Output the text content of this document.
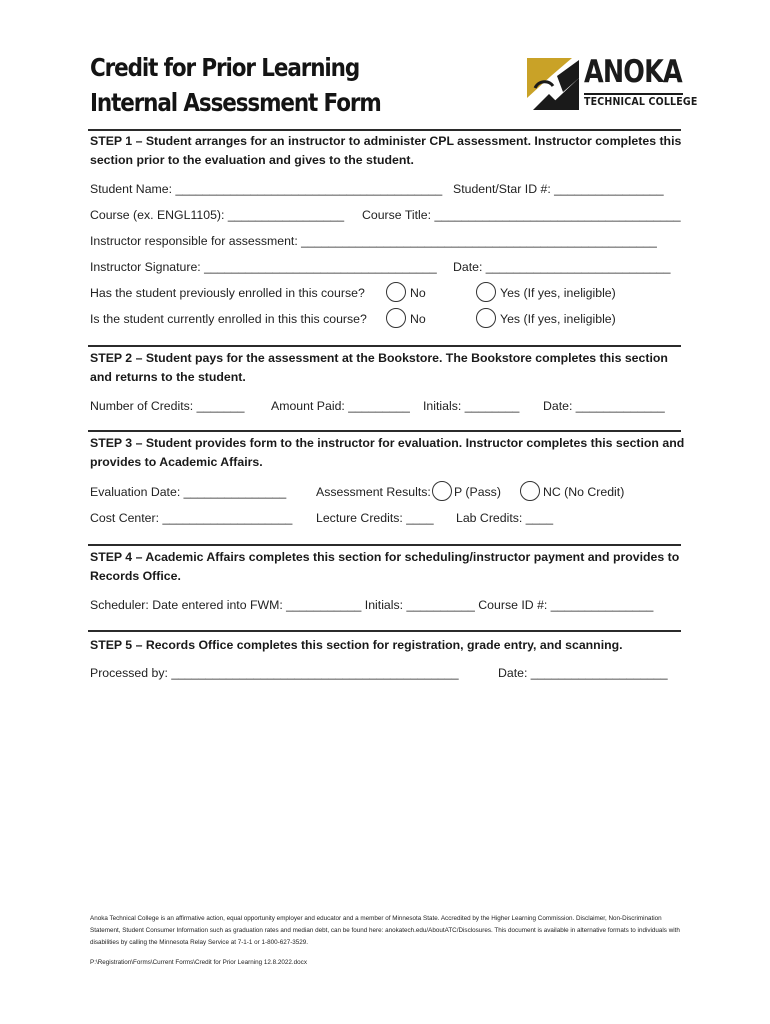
Credit for Prior Learning
Internal Assessment Form
ANOKA
TECHNICAL COLLEGE
STEP 1 – Student arranges for an instructor to administer CPL assessment. Instructor completes this section prior to the evaluation and gives to the student.
Student Name: _______________________________________ Student/Star ID #: ________________
Course (ex. ENGL1105): _________________ Course Title: ____________________________________
Instructor responsible for assessment: ____________________________________________________
Instructor Signature: __________________________________ Date: ___________________________
Has the student previously enrolled in this course?	No	Yes (If yes, ineligible)
Is the student currently enrolled in this this course?	No	Yes (If yes, ineligible)
STEP 2 – Student pays for the assessment at the Bookstore. The Bookstore completes this section and returns to the student.
Number of Credits: _______ Amount Paid: _________ Initials: ________ Date: _____________
STEP 3 – Student provides form to the instructor for evaluation. Instructor completes this section and provides to Academic Affairs.
Evaluation Date: _______________ Assessment Results: P (Pass)	NC (No Credit)
Cost Center: ___________________ Lecture Credits: ____ Lab Credits: ____
STEP 4 – Academic Affairs completes this section for scheduling/instructor payment and provides to Records Office.
Scheduler: Date entered into FWM: ___________ Initials: __________ Course ID #: _______________
STEP 5 – Records Office completes this section for registration, grade entry, and scanning.
Processed by: __________________________________________	Date: ____________________
Anoka Technical College is an affirmative action, equal opportunity employer and educator and a member of Minnesota State. Accredited by the Higher Learning Commission. Disclaimer, Non-Discrimination Statement, Student Consumer Information such as graduation rates and median debt, can be found here: anokatech.edu/AboutATC/Disclosures. This document is available in alternative formats to individuals with disabilities by calling the Minnesota Relay Service at 7-1-1 or 1-800-627-3529.
P:\Registration\Forms\Current Forms\Credit for Prior Learning 12.8.2022.docx
